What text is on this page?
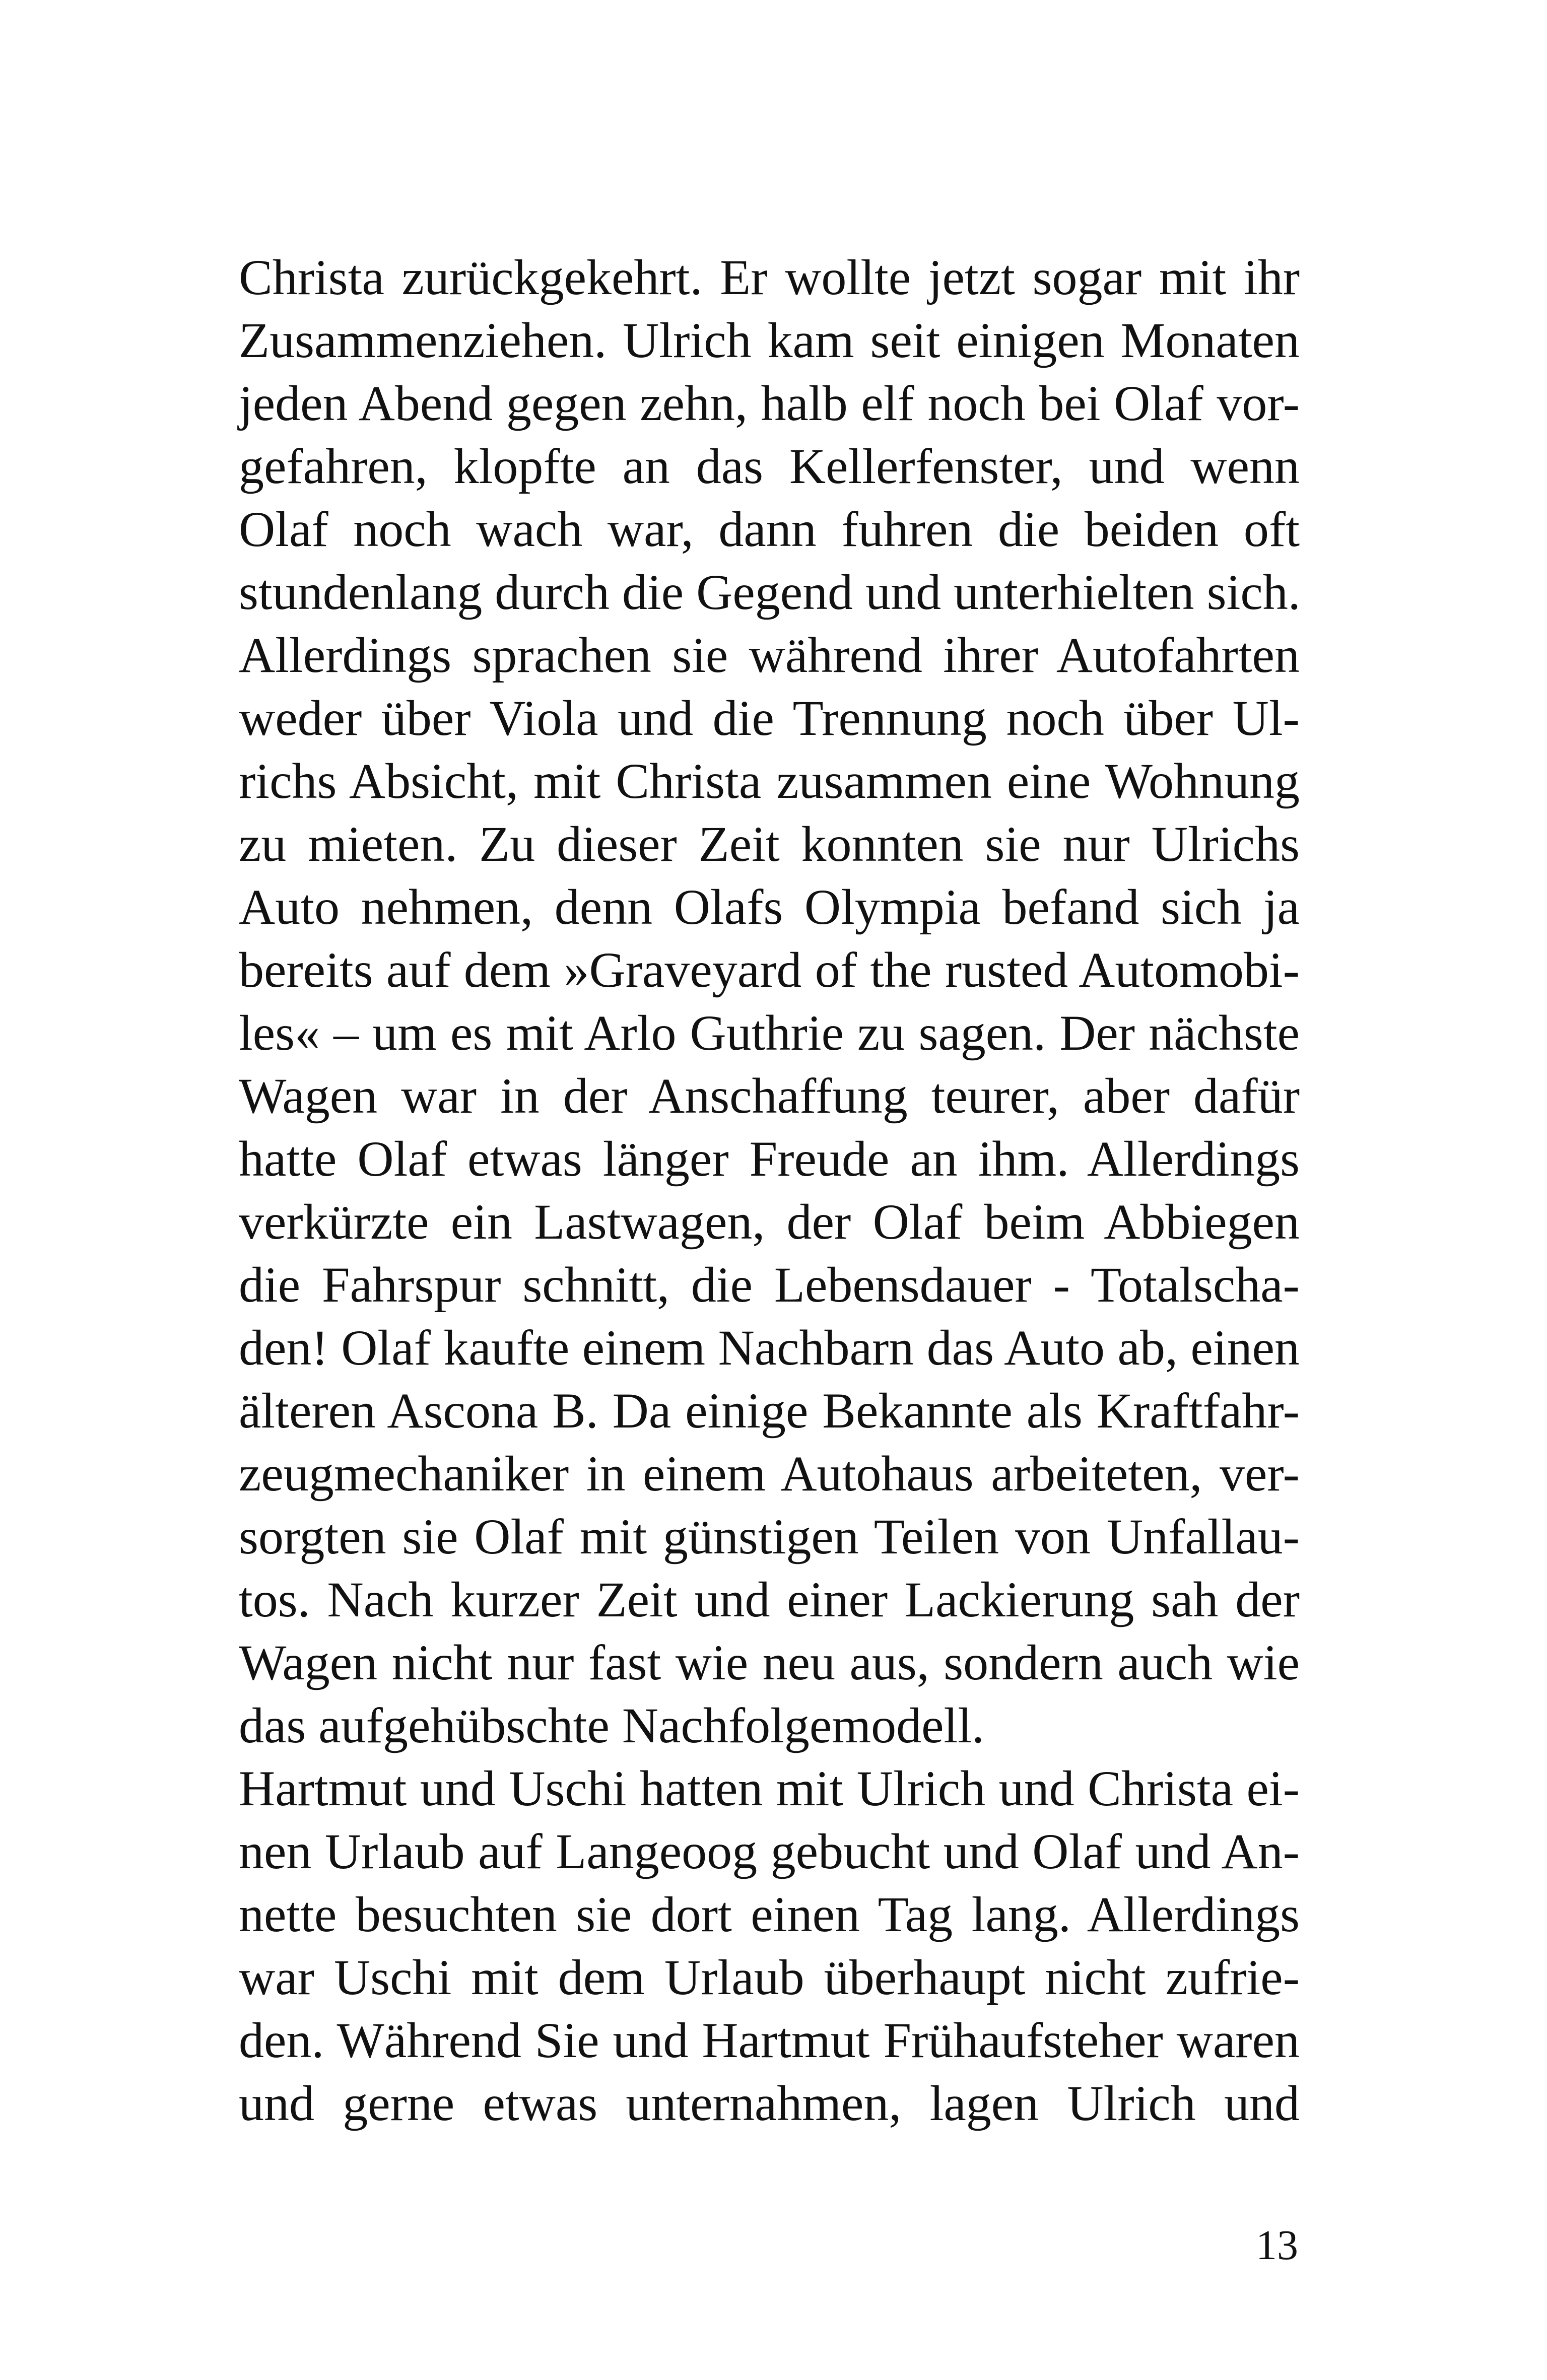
Christa zurückgekehrt. Er wollte jetzt sogar mit ihr
Zusammenziehen. Ulrich kam seit einigen Monaten
jeden Abend gegen zehn, halb elf noch bei Olaf vor-
gefahren, klopfte an das Kellerfenster, und wenn
Olaf noch wach war, dann fuhren die beiden oft
stundenlang durch die Gegend und unterhielten sich.
Allerdings sprachen sie während ihrer Autofahrten
weder über Viola und die Trennung noch über Ul-
richs Absicht, mit Christa zusammen eine Wohnung
zu mieten. Zu dieser Zeit konnten sie nur Ulrichs
Auto nehmen, denn Olafs Olympia befand sich ja
bereits auf dem »Graveyard of the rusted Automobi-
les« – um es mit Arlo Guthrie zu sagen. Der nächste
Wagen war in der Anschaffung teurer, aber dafür
hatte Olaf etwas länger Freude an ihm. Allerdings
verkürzte ein Lastwagen, der Olaf beim Abbiegen
die Fahrspur schnitt, die Lebensdauer - Totalscha-
den! Olaf kaufte einem Nachbarn das Auto ab, einen
älteren Ascona B. Da einige Bekannte als Kraftfahr-
zeugmechaniker in einem Autohaus arbeiteten, ver-
sorgten sie Olaf mit günstigen Teilen von Unfallau-
tos. Nach kurzer Zeit und einer Lackierung sah der
Wagen nicht nur fast wie neu aus, sondern auch wie
das aufgehübschte Nachfolgemodell.
Hartmut und Uschi hatten mit Ulrich und Christa ei-
nen Urlaub auf Langeoog gebucht und Olaf und An-
nette besuchten sie dort einen Tag lang. Allerdings
war Uschi mit dem Urlaub überhaupt nicht zufrie-
den. Während Sie und Hartmut Frühaufsteher waren
und gerne etwas unternahmen, lagen Ulrich und
13
